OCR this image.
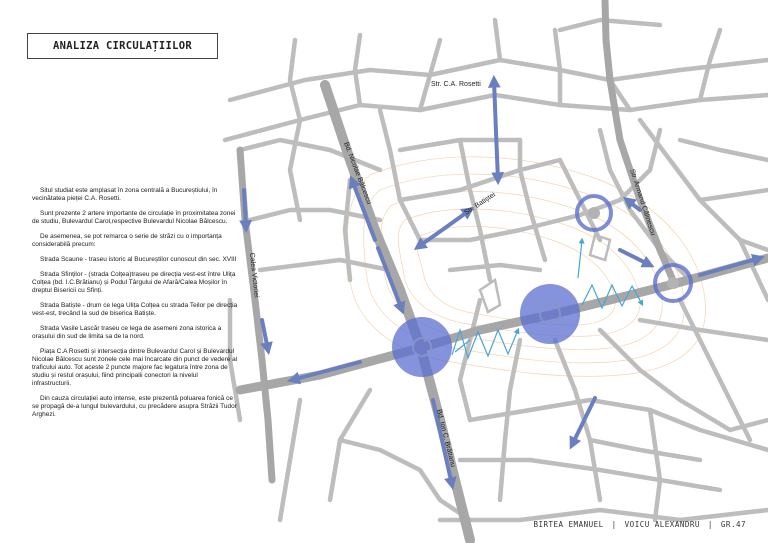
Str. C.A. Rosetti
Bd. Nicolae Bălcescu	Str. Batiștei	Str. Armand Călinescu
Calea Victoriei
Bd. Ion C. Brătianu
ANALIZA CIRCULAȚIILOR

Situl studiat este amplasat în zona centrală a Bucureștiului, în vecinătatea pieței C.A. Rosetti.

Sunt prezente 2 artere importante de circulație în proximitatea zonei de studiu, Bulevardul Carol,respective Bulevardul Nicolae Bălcescu.

De asemenea, se pot remarca o serie de străzi cu o importanța considerabilă precum:

Strada Scaune - traseu istoric al Bucureștilor cunoscut din sec. XVIII

Strada Sfinților - (strada Colțea)traseu pe direcția vest-est între Ulița Colțea (bd. I.C.Brătianu) și Podul Târgului de Afară/Calea Moșilor în dreptul Bisericii cu Sfinți.

Strada Batiște - drum ce lega Ulița Colțea cu strada Teilor pe direcția vest-est, trecând la sud de biserica Batiște.

Strada Vasile Lascăr traseu ce lega de asemeni zona istorica a orașului din sud de limita sa de la nord.

Piața C.A Rosetti și intersecția dintre Bulevardul Carol și Bulevardul Nicolae Bălcescu sunt zonele cele mai încarcate din punct de vedere al traficului auto. Tot aceste 2 puncte majore fac legatura între zona de studiu și restul orașului, fiind principalii conectori la nivelul infrastructurii.

Din cauza circulației auto intense, este prezentă poluarea fonică ce se propagă de-a lungul bulevardului, cu precădere asupra Străzii Tudor Arghezi.

BIRTEA EMANUEL | VOICU ALEXANDRU | GR.47
